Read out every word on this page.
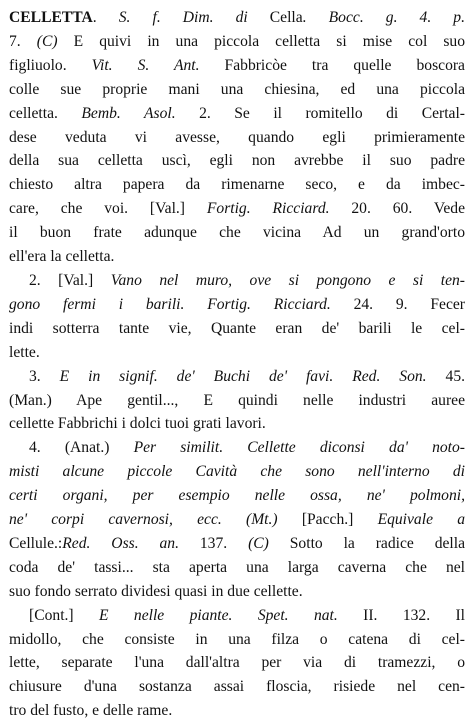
CELLETTA. S. f. Dim. di Cella. Bocc. g. 4. p.
7. (C) E quivi in una piccola celletta si mise col suo
figliuolo. Vit. S. Ant. Fabbricòe tra quelle boscora
colle sue proprie mani una chiesina, ed una piccola
celletta. Bemb. Asol. 2. Se il romitello di Certal-
dese veduta vi avesse, quando egli primieramente
della sua celletta uscì, egli non avrebbe il suo padre
chiesto altra papera da rimenarne seco, e da imbec-
care, che voi. [Val.] Fortig. Ricciard. 20. 60. Vede
il buon frate adunque che vicina Ad un grand'orto
ell'era la celletta.
2. [Val.] Vano nel muro, ove si pongono e si ten-
gono fermi i barili. Fortig. Ricciard. 24. 9. Fecer
indi sotterra tante vie, Quante eran de' barili le cel-
lette.
3. E in signif. de' Buchi de' favi. Red. Son. 45.
(Man.) Ape gentil..., E quindi nelle industri auree
cellette Fabbrichi i dolci tuoi grati lavori.
4. (Anat.) Per similit. Cellette diconsi da' noto-
misti alcune piccole Cavità che sono nell'interno di
certi organi, per esempio nelle ossa, ne' polmoni,
ne' corpi cavernosi, ecc. (Mt.) [Pacch.] Equivale a
Cellule.:Red. Oss. an. 137. (C) Sotto la radice della
coda de' tassi... sta aperta una larga caverna che nel
suo fondo serrato dividesi quasi in due cellette.
[Cont.] E nelle piante. Spet. nat. II. 132. Il
midollo, che consiste in una filza o catena di cel-
lette, separate l'una dall'altra per via di tramezzi, o
chiusure d'una sostanza assai floscia, risiede nel cen-
tro del fusto, e delle rame.
